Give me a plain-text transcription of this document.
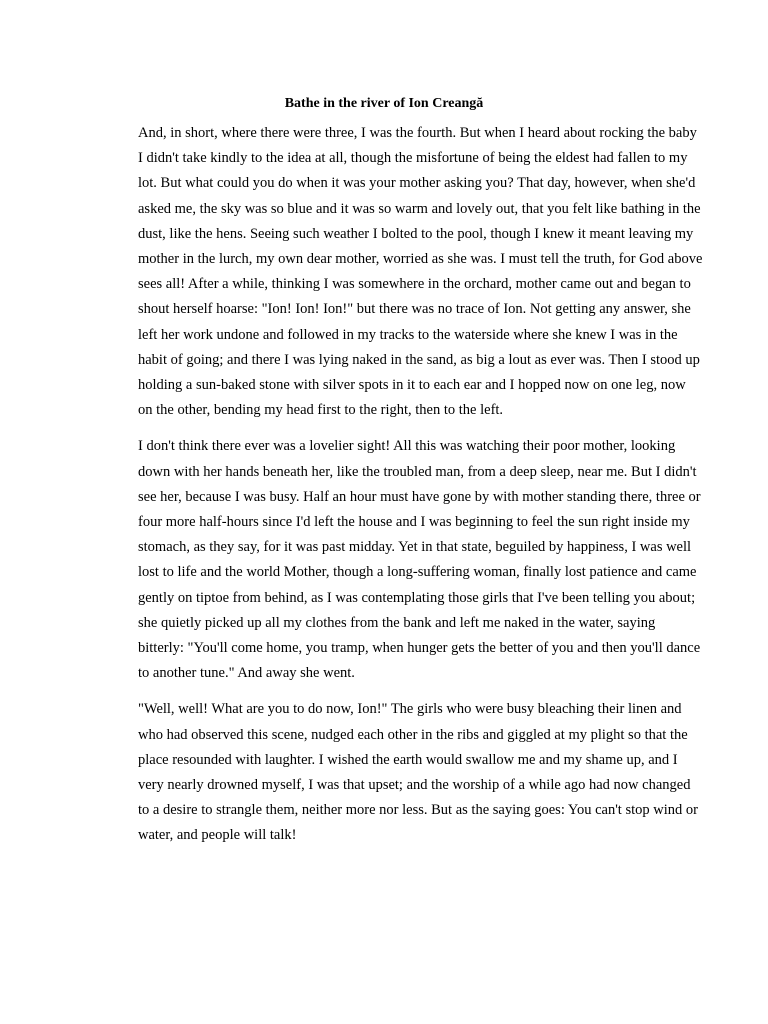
Bathe in the river of Ion Creangă

And, in short, where there were three, I was the fourth. But when I heard about rocking the baby
I didn't take kindly to the idea at all, though the misfortune of being the eldest had fallen to my
lot. But what could you do when it was your mother asking you? That day, however, when she'd
asked me, the sky was so blue and it was so warm and lovely out, that you felt like bathing in the
dust, like the hens. Seeing such weather I bolted to the pool, though I knew it meant leaving my
mother in the lurch, my own dear mother, worried as she was. I must tell the truth, for God above
sees all! After a while, thinking I was somewhere in the orchard, mother came out and began to
shout herself hoarse: "Ion! Ion! Ion!" but there was no trace of Ion. Not getting any answer, she
left her work undone and followed in my tracks to the waterside where she knew I was in the
habit of going; and there I was lying naked in the sand, as big a lout as ever was. Then I stood up
holding a sun-baked stone with silver spots in it to each ear and I hopped now on one leg, now
on the other, bending my head first to the right, then to the left.

I don't think there ever was a lovelier sight! All this was watching their poor mother, looking
down with her hands beneath her, like the troubled man, from a deep sleep, near me. But I didn't
see her, because I was busy. Half an hour must have gone by with mother standing there, three or
four more half-hours since I'd left the house and I was beginning to feel the sun right inside my
stomach, as they say, for it was past midday. Yet in that state, beguiled by happiness, I was well
lost to life and the world Mother, though a long-suffering woman, finally lost patience and came
gently on tiptoe from behind, as I was contemplating those girls that I've been telling you about;
she quietly picked up all my clothes from the bank and left me naked in the water, saying
bitterly: "You'll come home, you tramp, when hunger gets the better of you and then you'll dance
to another tune." And away she went.

"Well, well! What are you to do now, Ion!" The girls who were busy bleaching their linen and
who had observed this scene, nudged each other in the ribs and giggled at my plight so that the
place resounded with laughter. I wished the earth would swallow me and my shame up, and I
very nearly drowned myself, I was that upset; and the worship of a while ago had now changed
to a desire to strangle them, neither more nor less. But as the saying goes: You can't stop wind or
water, and people will talk!
